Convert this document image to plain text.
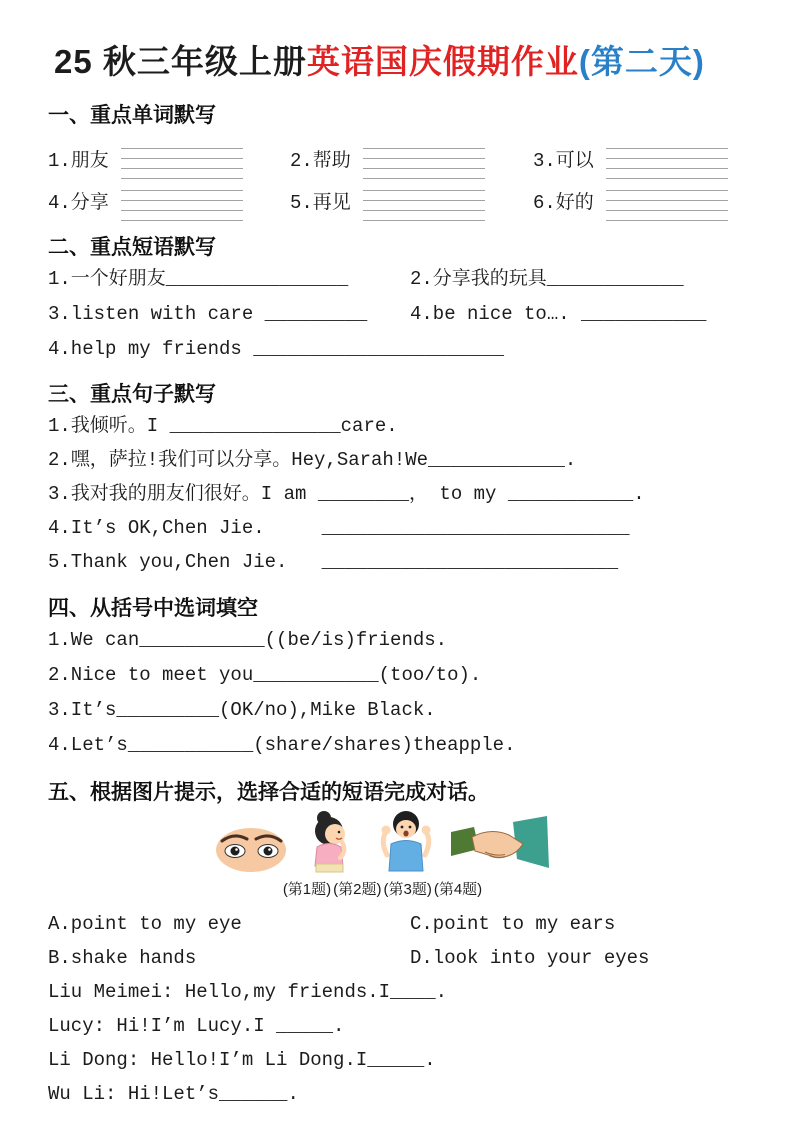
25 秋三年级上册英语国庆假期作业(第二天)
一、重点单词默写
1.朋友	2.帮助	3.可以
4.分享	5.再见	6.好的
二、重点短语默写
1.一个好朋友________________	2.分享我的玩具____________
3.listen with care _________	4.be nice to…. ___________
4.help my friends ______________________
三、重点句子默写
1.我倾听。I _______________care.
2.嘿，萨拉!我们可以分享。Hey,Sarah!We____________.
3.我对我的朋友们很好。I am ________， to my ___________.
4.It’s OK,Chen Jie.     ___________________________
5.Thank you,Chen Jie.   __________________________
四、从括号中选词填空
1.We can___________((be/is)friends.
2.Nice to meet you___________(too/to).
3.It’s_________(OK/no),Mike Black.
4.Let’s___________(share/shares)theapple.
五、根据图片提示，选择合适的短语完成对话。
(第1题) (第2题) (第3题) (第4题)
A.point to my eye	C.point to my ears
B.shake hands	D.look into your eyes
Liu Meimei: Hello,my friends.I____.
Lucy: Hi!I’m Lucy.I _____.
Li Dong: Hello!I’m Li Dong.I_____.
Wu Li: Hi!Let’s______.
